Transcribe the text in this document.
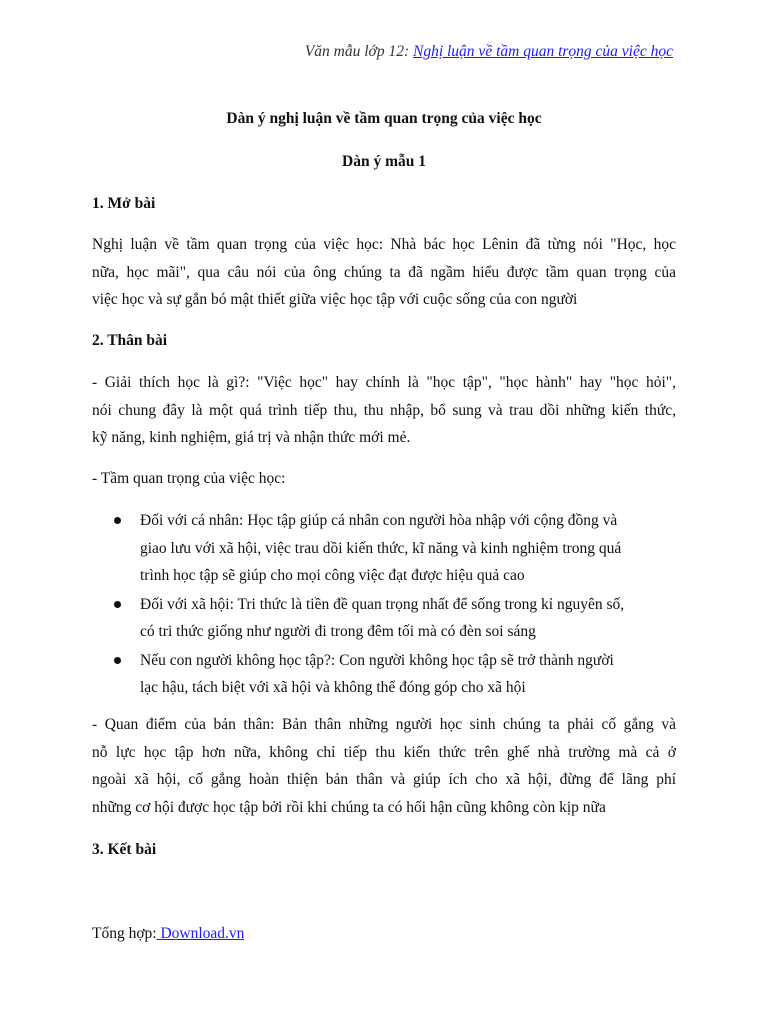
Văn mẫu lớp 12: Nghị luận về tầm quan trọng của việc học
Dàn ý nghị luận về tầm quan trọng của việc học
Dàn ý mẫu 1
1. Mở bài
Nghị luận về tầm quan trọng của việc học: Nhà bác học Lênin đã từng nói "Học, học
nữa, học mãi", qua câu nói của ông chúng ta đã ngầm hiểu được tầm quan trọng của
việc học và sự gắn bó mật thiết giữa việc học tập với cuộc sống của con người
2. Thân bài
- Giải thích học là gì?: "Việc học" hay chính là "học tập", "học hành" hay "học hỏi",
nói chung đây là một quá trình tiếp thu, thu nhập, bổ sung và trau dồi những kiến thức,
kỹ năng, kinh nghiệm, giá trị và nhận thức mới mẻ.
- Tầm quan trọng của việc học:
Đối với cá nhân: Học tập giúp cá nhân con người hòa nhập với cộng đồng và
giao lưu với xã hội, việc trau dồi kiến thức, kĩ năng và kinh nghiệm trong quá
trình học tập sẽ giúp cho mọi công việc đạt được hiệu quả cao
Đối với xã hội: Tri thức là tiền đề quan trọng nhất để sống trong kỉ nguyên số,
có tri thức giống như người đi trong đêm tối mà có đèn soi sáng
Nếu con người không học tập?: Con người không học tập sẽ trở thành người
lạc hậu, tách biệt với xã hội và không thể đóng góp cho xã hội
- Quan điểm của bản thân: Bản thân những người học sinh chúng ta phải cố gắng và
nỗ lực học tập hơn nữa, không chỉ tiếp thu kiến thức trên ghế nhà trường mà cả ở
ngoài xã hội, cố gắng hoàn thiện bản thân và giúp ích cho xã hội, đừng để lãng phí
những cơ hội được học tập bởi rồi khi chúng ta có hối hận cũng không còn kịp nữa
3. Kết bài
Tổng hợp: Download.vn
